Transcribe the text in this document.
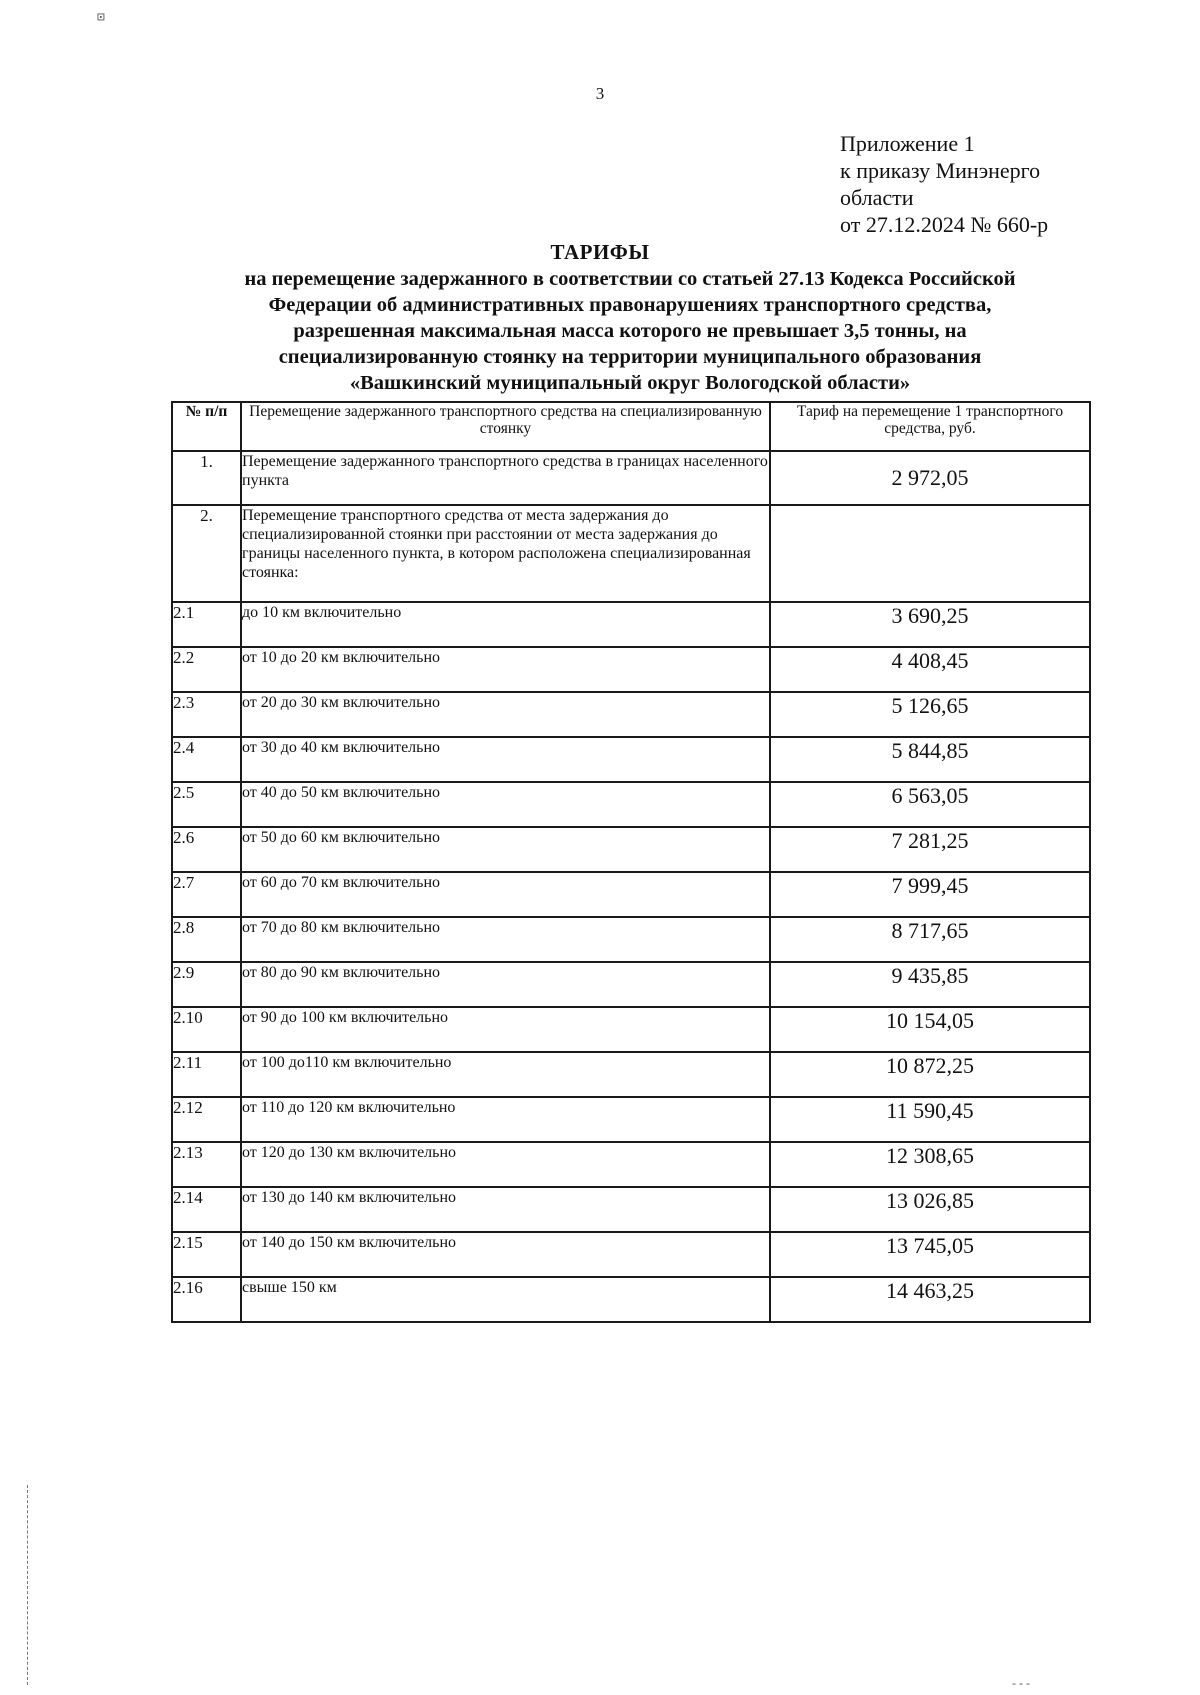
⊡
3
Приложение 1
к приказу Минэнерго
области
от 27.12.2024 № 660-р
ТАРИФЫ
на перемещение задержанного в соответствии со статьей 27.13 Кодекса Российской
Федерации об административных правонарушениях транспортного средства,
разрешенная максимальная масса которого не превышает 3,5 тонны, на
специализированную стоянку на территории муниципального образования
«Вашкинский муниципальный округ Вологодской области»
№ п/п	Перемещение задержанного транспортного средства на специализированную стоянку	Тариф на перемещение 1 транспортного средства, руб.
1.	Перемещение задержанного транспортного средства в границах населенного пункта	2 972,05
2.	Перемещение транспортного средства от места задержания до специализированной стоянки при расстоянии от места задержания до границы населенного пункта, в котором расположена специализированная стоянка:	
2.1	до 10 км включительно	3 690,25
2.2	от 10 до 20 км включительно	4 408,45
2.3	от 20 до 30 км включительно	5 126,65
2.4	от 30 до 40 км включительно	5 844,85
2.5	от 40 до 50 км включительно	6 563,05
2.6	от 50 до 60 км включительно	7 281,25
2.7	от 60 до 70 км включительно	7 999,45
2.8	от 70 до 80 км включительно	8 717,65
2.9	от 80 до 90 км включительно	9 435,85
2.10	от 90 до 100 км включительно	10 154,05
2.11	от 100 до110 км включительно	10 872,25
2.12	от 110 до 120 км включительно	11 590,45
2.13	от 120 до 130 км включительно	12 308,65
2.14	от 130 до 140 км включительно	13 026,85
2.15	от 140 до 150 км включительно	13 745,05
2.16	свыше 150 км	14 463,25
- - -
